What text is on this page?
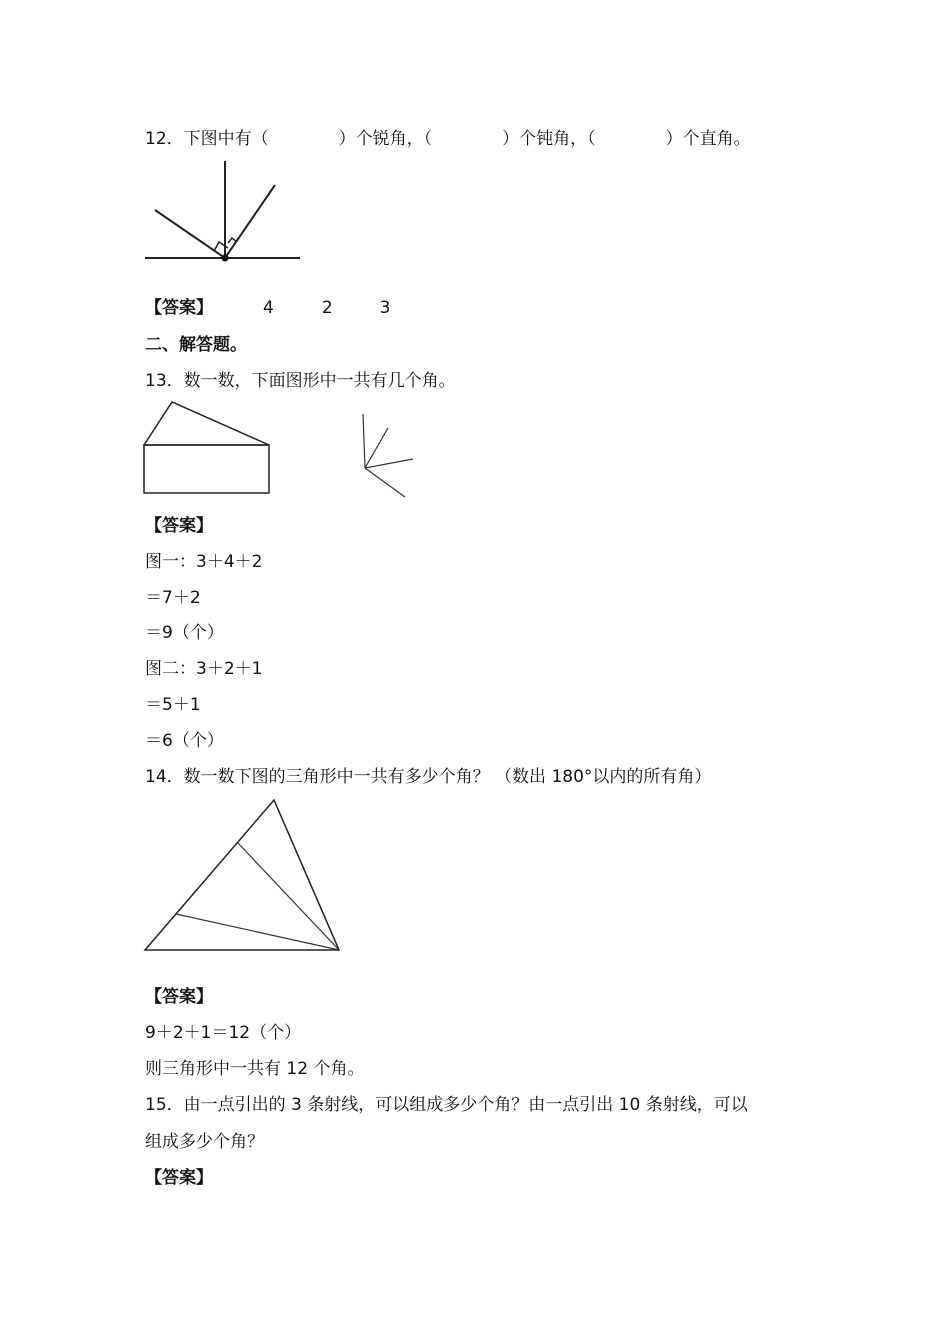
12．下图中有（	）个锐角，（	）个钝角，（	）个直角。
【答案】	4	2	3
二、解答题。
13．数一数，下面图形中一共有几个角。
【答案】
图一：3＋4＋2
＝7＋2
＝9（个）
图二：3＋2＋1
＝5＋1
＝6（个）
14．数一数下图的三角形中一共有多少个角？ （数出 180°以内的所有角）
【答案】
9＋2＋1＝12（个）
则三角形中一共有 12 个角。
15．由一点引出的 3 条射线，可以组成多少个角？由一点引出 10 条射线，可以
组成多少个角？
【答案】
